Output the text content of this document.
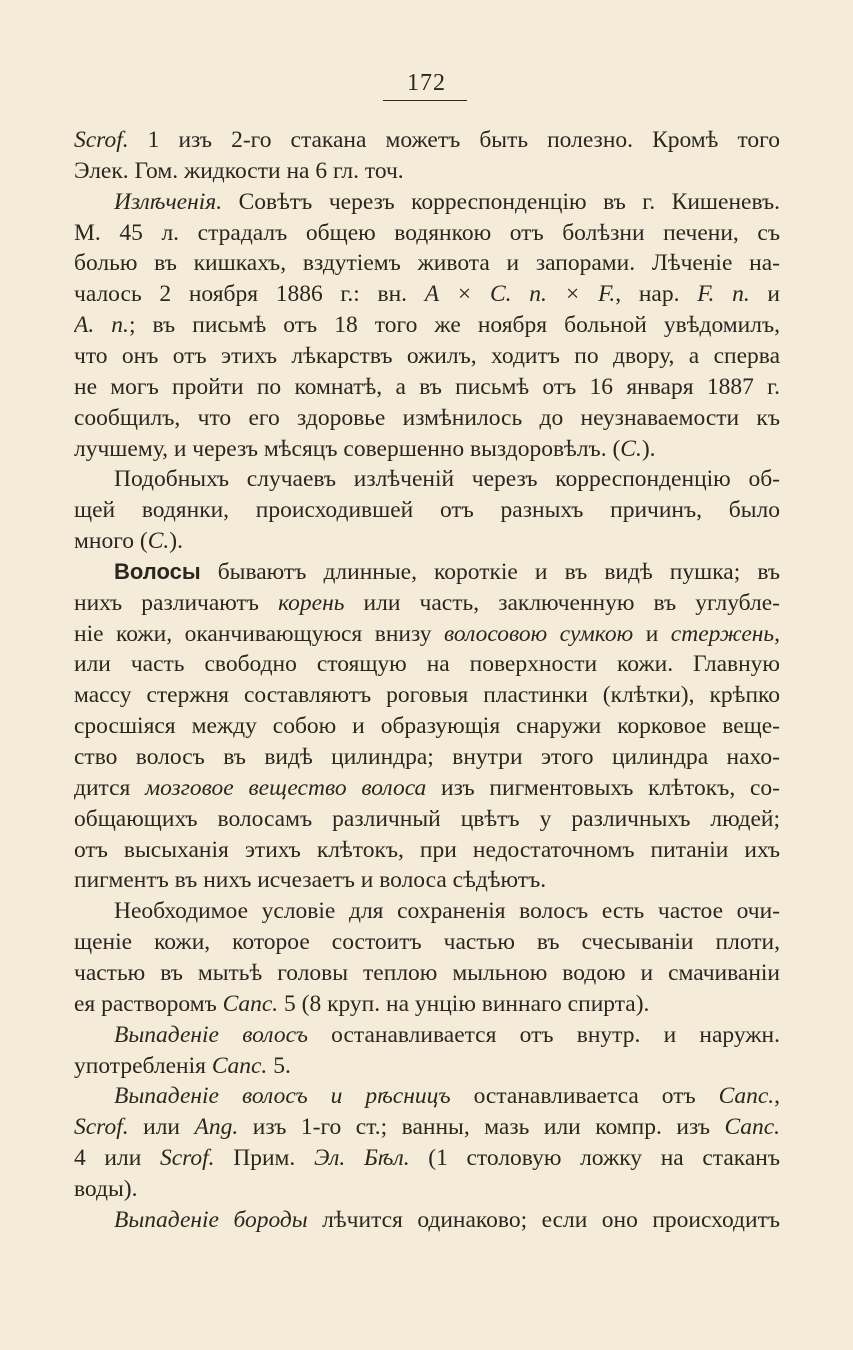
172
Scrof. 1 изъ 2-го стакана можетъ быть полезно. Кромѣ того
Элек. Гом. жидкости на 6 гл. точ.
Излѣченія. Совѣтъ черезъ корреспонденцію въ г. Кишеневъ.
М. 45 л. страдалъ общею водянкою отъ болѣзни печени, съ
болью въ кишкахъ, вздутіемъ живота и запорами. Лѣченіе на-
чалось 2 ноября 1886 г.: вн. A × C. n. × F., нар. F. n. и
A. n.; въ письмѣ отъ 18 того же ноября больной увѣдомилъ,
что онъ отъ этихъ лѣкарствъ ожилъ, ходитъ по двору, а сперва
не могъ пройти по комнатѣ, а въ письмѣ отъ 16 января 1887 г.
сообщилъ, что его здоровье измѣнилось до неузнаваемости къ
лучшему, и черезъ мѣсяцъ совершенно выздоровѣлъ. (C.).
Подобныхъ случаевъ излѣченій черезъ корреспонденцію об-
щей водянки, происходившей отъ разныхъ причинъ, было
много (C.).
Волосы бываютъ длинные, короткіе и въ видѣ пушка; въ
нихъ различаютъ корень или часть, заключенную въ углубле-
ніе кожи, оканчивающуюся внизу волосовою сумкою и стержень,
или часть свободно стоящую на поверхности кожи. Главную
массу стержня составляютъ роговыя пластинки (клѣтки), крѣпко
сросшіяся между собою и образующія снаружи корковое веще-
ство волосъ въ видѣ цилиндра; внутри этого цилиндра нахо-
дится мозговое вещество волоса изъ пигментовыхъ клѣтокъ, со-
общающихъ волосамъ различный цвѣтъ у различныхъ людей;
отъ высыханія этихъ клѣтокъ, при недостаточномъ питаніи ихъ
пигментъ въ нихъ исчезаетъ и волоса сѣдѣютъ.
Необходимое условіе для сохраненія волосъ есть частое очи-
щеніе кожи, которое состоитъ частью въ счесываніи плоти,
частью въ мытьѣ головы теплою мыльною водою и смачиваніи
ея растворомъ Canc. 5 (8 круп. на унцію виннаго спирта).
Выпаденіе волосъ останавливается отъ внутр. и наружн.
употребленія Canc. 5.
Выпаденіе волосъ и рѣсницъ останавливаетса отъ Canc.,
Scrof. или Ang. изъ 1-го ст.; ванны, мазь или компр. изъ Canc.
4 или Scrof. Прим. Эл. Бѣл. (1 столовую ложку на стаканъ
воды).
Выпаденіе бороды лѣчится одинаково; если оно происходитъ
